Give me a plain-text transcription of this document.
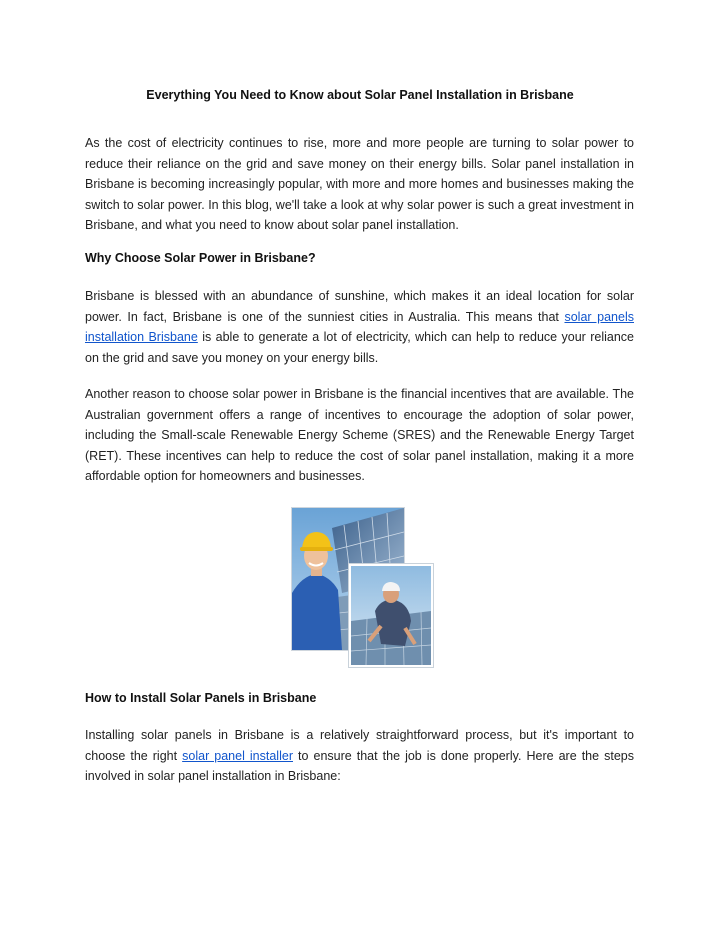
Everything You Need to Know about Solar Panel Installation in Brisbane

As the cost of electricity continues to rise, more and more people are turning to solar power to reduce their reliance on the grid and save money on their energy bills. Solar panel installation in Brisbane is becoming increasingly popular, with more and more homes and businesses making the switch to solar power. In this blog, we'll take a look at why solar power is such a great investment in Brisbane, and what you need to know about solar panel installation.

Why Choose Solar Power in Brisbane?

Brisbane is blessed with an abundance of sunshine, which makes it an ideal location for solar power. In fact, Brisbane is one of the sunniest cities in Australia. This means that solar panels installation Brisbane is able to generate a lot of electricity, which can help to reduce your reliance on the grid and save you money on your energy bills.

Another reason to choose solar power in Brisbane is the financial incentives that are available. The Australian government offers a range of incentives to encourage the adoption of solar power, including the Small-scale Renewable Energy Scheme (SRES) and the Renewable Energy Target (RET). These incentives can help to reduce the cost of solar panel installation, making it a more affordable option for homeowners and businesses.

How to Install Solar Panels in Brisbane

Installing solar panels in Brisbane is a relatively straightforward process, but it's important to choose the right solar panel installer to ensure that the job is done properly. Here are the steps involved in solar panel installation in Brisbane:
